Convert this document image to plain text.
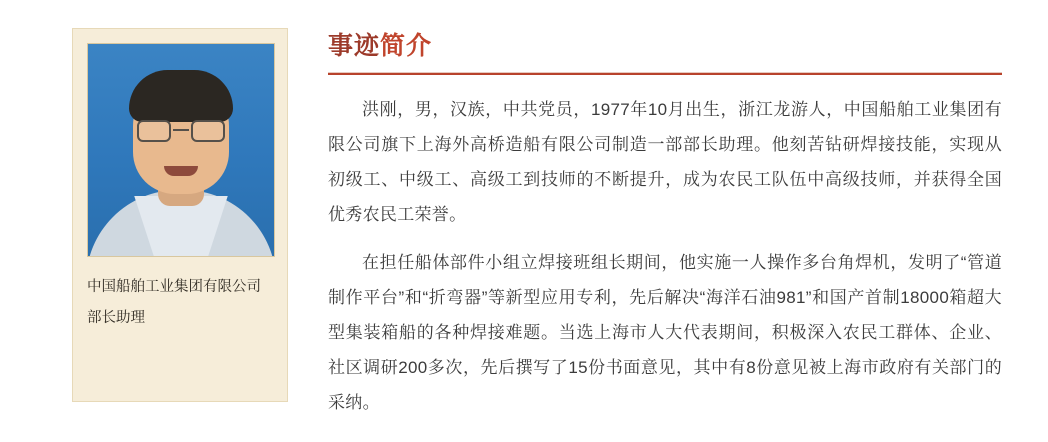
中国船舶工业集团有限公司
部长助理
事迹 简介

洪刚，男，汉族，中共党员，1977年10月出生，浙江龙游人，中国船舶工业集团有限公司旗下上海外高桥造船有限公司制造一部部长助理。他刻苦钻研焊接技能，实现从初级工、中级工、高级工到技师的不断提升，成为农民工队伍中高级技师，并获得全国优秀农民工荣誉。

在担任船体部件小组立焊接班组长期间，他实施一人操作多台角焊机，发明了“管道制作平台”和“折弯器”等新型应用专利，先后解决“海洋石油981”和国产首制18000箱超大型集装箱船的各种焊接难题。当选上海市人大代表期间，积极深入农民工群体、企业、社区调研200多次，先后撰写了15份书面意见，其中有8份意见被上海市政府有关部门的采纳。
